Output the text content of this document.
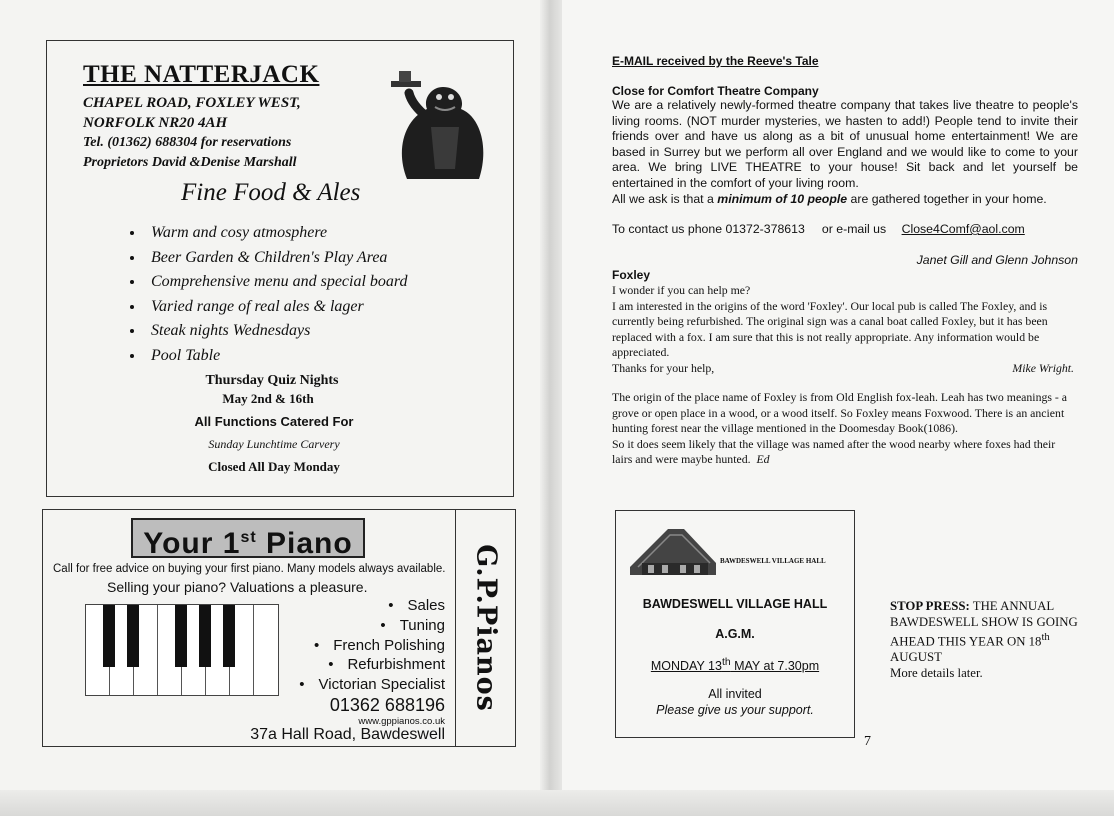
THE NATTERJACK
CHAPEL ROAD, FOXLEY WEST,
NORFOLK NR20 4AH
Tel. (01362) 688304 for reservations
Proprietors David &Denise Marshall
Fine Food & Ales
• Warm and cosy atmosphere
• Beer Garden & Children's Play Area
• Comprehensive menu and special board
• Varied range of real ales & lager
• Steak nights Wednesdays
• Pool Table
Thursday Quiz Nights
May 2nd & 16th
All Functions Catered For
Sunday Lunchtime Carvery
Closed All Day Monday
Your 1st Piano
Call for free advice on buying your first piano. Many models always available.
Selling your piano? Valuations a pleasure.
• Sales
• Tuning
• French Polishing
• Refurbishment
• Victorian Specialist
01362 688196
www.gppianos.co.uk
37a Hall Road, Bawdeswell
G.P.Pianos
E-MAIL received by the Reeve's Tale
Close for Comfort Theatre Company
We are a relatively newly-formed theatre company that takes live theatre to people's living rooms. (NOT murder mysteries, we hasten to add!) People tend to invite their friends over and have us along as a bit of unusual home entertainment! We are based in Surrey but we perform all over England and we would like to come to your area. We bring LIVE THEATRE to your house! Sit back and let yourself be entertained in the comfort of your living room.
All we ask is that a minimum of 10 people are gathered together in your home.
To contact us phone 01372-378613 or e-mail us Close4Comf@aol.com
Janet Gill and Glenn Johnson
Foxley
I wonder if you can help me?
I am interested in the origins of the word 'Foxley'. Our local pub is called The Foxley, and is currently being refurbished. The original sign was a canal boat called Foxley, but it has been replaced with a fox. I am sure that this is not really appropriate. Any information would be appreciated.
Thanks for your help,	Mike Wright.
The origin of the place name of Foxley is from Old English fox-leah. Leah has two meanings - a grove or open place in a wood, or a wood itself. So Foxley means Foxwood. There is an ancient hunting forest near the village mentioned in the Doomesday Book(1086).
So it does seem likely that the village was named after the wood nearby where foxes had their lairs and were maybe hunted. Ed
BAWDESWELL VILLAGE HALL
BAWDESWELL VILLAGE HALL
A.G.M.
MONDAY 13th MAY at 7.30pm
All invited
Please give us your support.
STOP PRESS: THE ANNUAL BAWDESWELL SHOW IS GOING AHEAD THIS YEAR ON 18th AUGUST
More details later.
7
